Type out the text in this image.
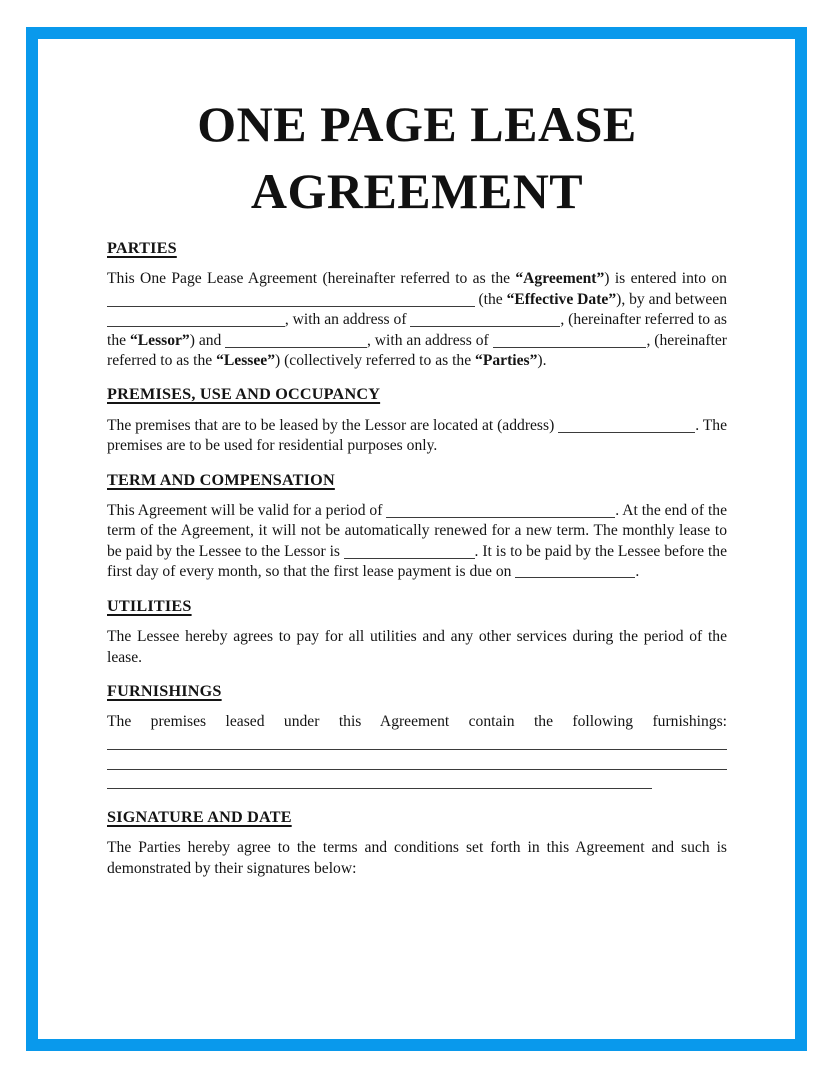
ONE PAGE LEASE
AGREEMENT
PARTIES
This One Page Lease Agreement (hereinafter referred to as the “Agreement”) is entered into on
(the “Effective Date” ), by and between
, with an address of	, (hereinafter referred to as
the “Lessor” ) and	, with an address of	, (hereinafter
referred to as the “Lessee”) (collectively referred to as the “Parties”).
PREMISES, USE AND OCCUPANCY
The premises that are to be leased by the Lessor are located at (address)	. The
premises are to be used for residential purposes only.
TERM AND COMPENSATION
This Agreement will be valid for a period of	. At the end of the
term of the Agreement, it will not be automatically renewed for a new term. The monthly lease to
be paid by the Lessee to the Lessor is	. It is to be paid by the Lessee before the
first day of every month, so that the first lease payment is due on	.
UTILITIES
The Lessee hereby agrees to pay for all utilities and any other services during the period of the
lease.
FURNISHINGS
The premises leased under this Agreement contain the following furnishings:
SIGNATURE AND DATE
The Parties hereby agree to the terms and conditions set forth in this Agreement and such is
demonstrated by their signatures below:
